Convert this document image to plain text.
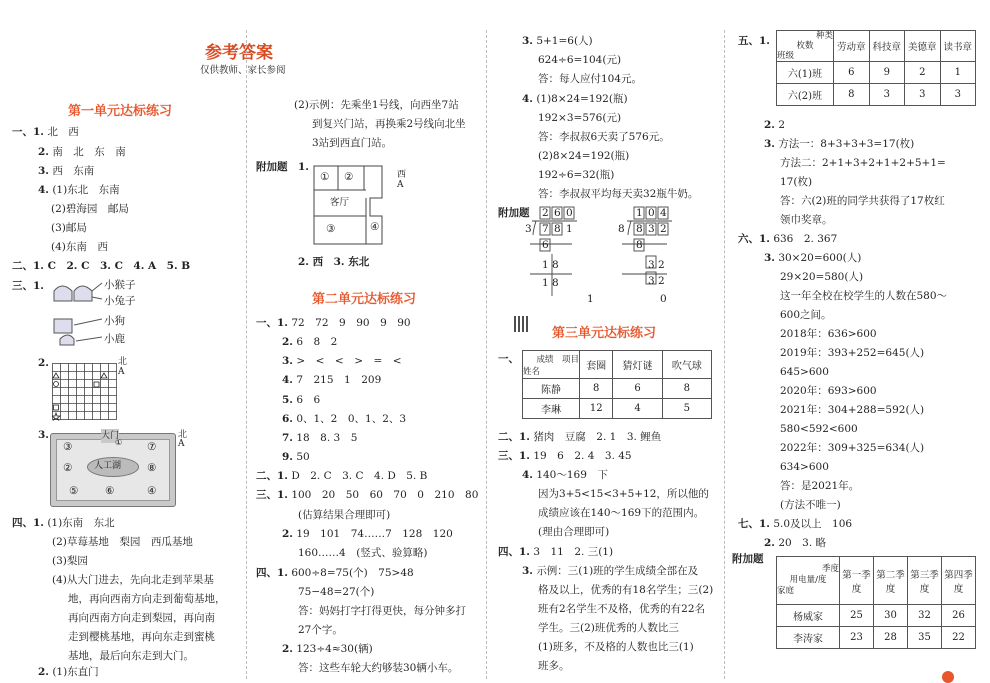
参考答案
仅供教师、家长参阅
第一单元达标练习
一、1. 北　西
2. 南　北　东　南
3. 西　东南
4. (1)东北　东南
(2)碧海园　邮局
(3)邮局
(4)东南　西
二、1. C　2. C　3. C　4. A　5. B
三、1.	小猴子
小兔子
小狗
小鹿
2.	北
A
3.	大门
人工湖
③	⑦
②	⑧
⑤	⑥	④
①
北
A
四、1. (1)东南　东北
(2)草莓基地　梨园　西瓜基地
(3)梨园
(4)从大门进去，先向北走到苹果基
地，再向西南方向走到葡萄基地，
再向西南方向走到梨园，再向南
走到樱桃基地，再向东走到蜜桃
基地，最后向东走到大门。
2. (1)东直门
(2)示例：先乘坐1号线，向西坐7站
到复兴门站，再换乘2号线向北坐
3站到西直门站。
附加题 1.
① ②
客厅
③	④
西
A
2. 西　3. 东北
第二单元达标练习
一、1. 72　72　9　90　9　90
2. 6　8　2
3. >　<　<　>　=　<
4. 7　215　1　209
5. 6　6
6. 0、1、2　0、1、2、3
7. 18　8. 3　5
9. 50
二、1. D　2. C　3. C　4. D　5. B
三、1. 100　20　50　60　70　0　210　80
(估算结果合理即可)
2. 19　101　74……7　128　120
160……4　(竖式、验算略)
四、1. 600÷8=75(个)　75>48
75−48=27(个)
答：妈妈打字打得更快，每分钟多打
27个字。
2. 123÷4≈30(辆)
答：这些车轮大约够装30辆小车。
3. 5+1=6(人)
624÷6=104(元)
答：每人应付104元。
4. (1)8×24=192(瓶)
192×3=576(元)
答：李叔叔6天卖了576元。
(2)8×24=192(瓶)
192÷6=32(瓶)
答：李叔叔平均每天卖32瓶牛奶。
附加题 2 6 0
3 7 8 1
6
1 8
1 8
1
1 0 4
8 8 3 2
8
3 2
3 2
0
第三单元达标练习
一、	成绩　项目
姓名	套圈	猜灯谜	吹气球
陈静	8	6	8
李琳	12	4	5
二、1. 猪肉　豆腐　2. 1　3. 鲤鱼
三、1. 19　6　2. 4　3. 45
4. 140～169　下
因为3+5<15<3+5+12，所以他的
成绩应该在140～169下的范围内。
(理由合理即可)
四、1. 3　11　2. 三(1)
3. 示例：三(1)班的学生成绩全部在及
格及以上，优秀的有18名学生；三(2)
班有2名学生不及格，优秀的有22名
学生。三(2)班优秀的人数比三
(1)班多，不及格的人数也比三(1)
班多。
五、1.	种类
枚数
班级	劳动章	科技章	美德章	读书章
六(1)班	6	9	2	1
六(2)班	8	3	3	3
2. 2
3. 方法一：8+3+3+3=17(枚)
方法二：2+1+3+2+1+2+5+1=
17(枚)
答：六(2)班的同学共获得了17枚红
领巾奖章。
六、1. 636　2. 367
3. 30×20=600(人)
29×20=580(人)
这一年全校在校学生的人数在580～
600之间。
2018年：636>600
2019年：393+252=645(人)
645>600
2020年：693>600
2021年：304+288=592(人)
580<592<600
2022年：309+325=634(人)
634>600
答：是2021年。
(方法不唯一)
七、1. 5.0及以上　106
2. 20　3. 略
附加题
季度
用电量/度
家庭	第一季度	第二季度	第三季度	第四季度
杨威家	25	30	32	26
李涛家	23	28	35	22
